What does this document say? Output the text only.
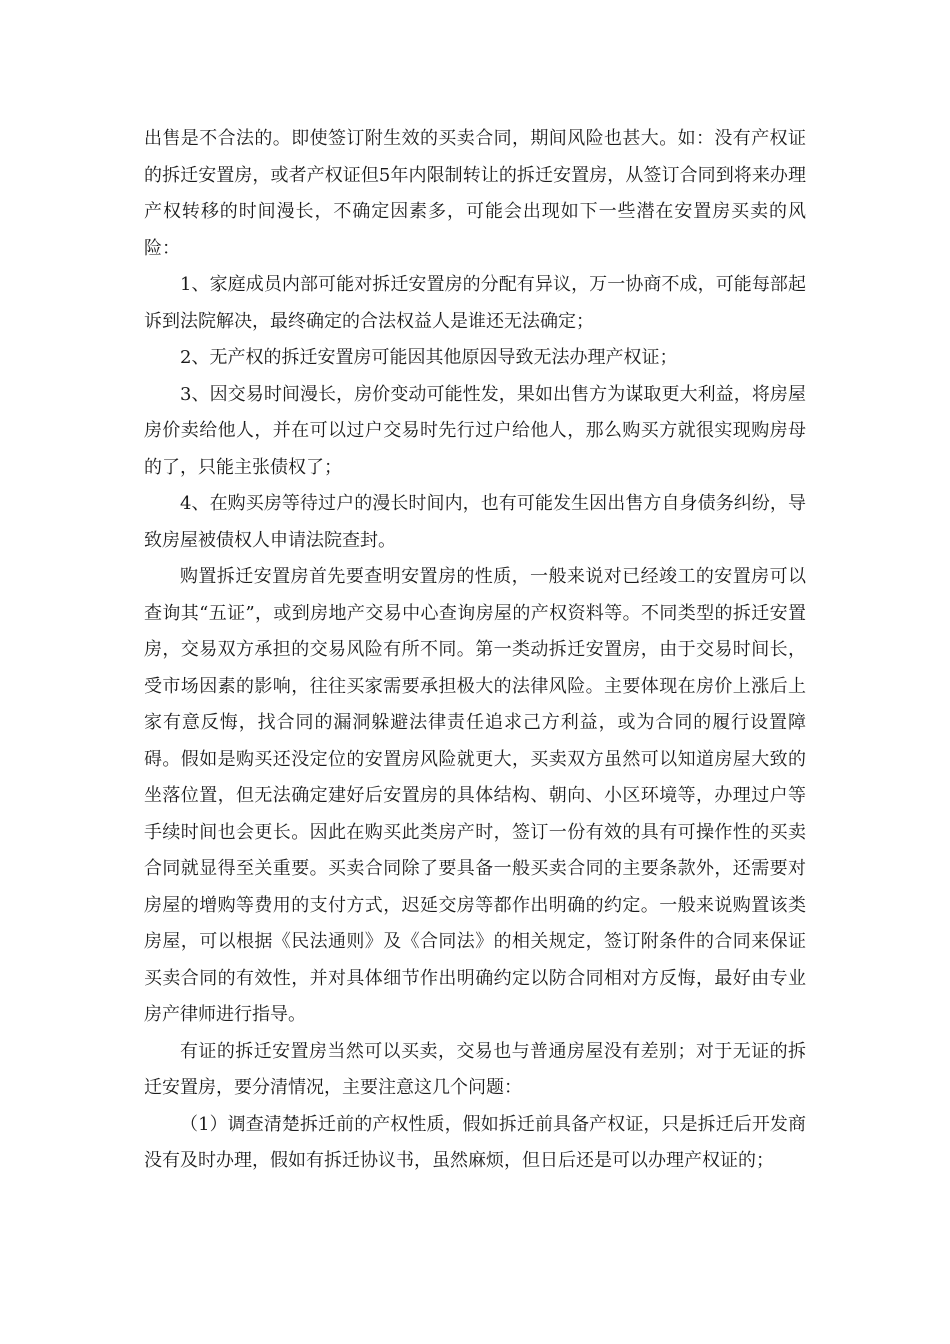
出售是不合法的。即使签订附生效的买卖合同，期间风险也甚大。如：没有产权证的拆迁安置房，或者产权证但5年内限制转让的拆迁安置房，从签订合同到将来办理产权转移的时间漫长，不确定因素多，可能会出现如下一些潜在安置房买卖的风险：

1、家庭成员内部可能对拆迁安置房的分配有异议，万一协商不成，可能每部起诉到法院解决，最终确定的合法权益人是谁还无法确定；

2、无产权的拆迁安置房可能因其他原因导致无法办理产权证；

3、因交易时间漫长，房价变动可能性发，果如出售方为谋取更大利益，将房屋房价卖给他人，并在可以过户交易时先行过户给他人，那么购买方就很实现购房母的了，只能主张债权了；

4、在购买房等待过户的漫长时间内，也有可能发生因出售方自身债务纠纷，导致房屋被债权人申请法院查封。

购置拆迁安置房首先要查明安置房的性质，一般来说对已经竣工的安置房可以查询其“五证”，或到房地产交易中心查询房屋的产权资料等。不同类型的拆迁安置房，交易双方承担的交易风险有所不同。第一类动拆迁安置房，由于交易时间长，受市场因素的影响，往往买家需要承担极大的法律风险。主要体现在房价上涨后上家有意反悔，找合同的漏洞躲避法律责任追求己方利益，或为合同的履行设置障碍。假如是购买还没定位的安置房风险就更大，买卖双方虽然可以知道房屋大致的坐落位置，但无法确定建好后安置房的具体结构、朝向、小区环境等，办理过户等手续时间也会更长。因此在购买此类房产时，签订一份有效的具有可操作性的买卖合同就显得至关重要。买卖合同除了要具备一般买卖合同的主要条款外，还需要对房屋的增购等费用的支付方式，迟延交房等都作出明确的约定。一般来说购置该类房屋，可以根据《民法通则》及《合同法》的相关规定，签订附条件的合同来保证买卖合同的有效性，并对具体细节作出明确约定以防合同相对方反悔，最好由专业房产律师进行指导。

有证的拆迁安置房当然可以买卖，交易也与普通房屋没有差别；对于无证的拆迁安置房，要分清情况，主要注意这几个问题：

（1）调查清楚拆迁前的产权性质，假如拆迁前具备产权证，只是拆迁后开发商没有及时办理，假如有拆迁协议书，虽然麻烦，但日后还是可以办理产权证的；
